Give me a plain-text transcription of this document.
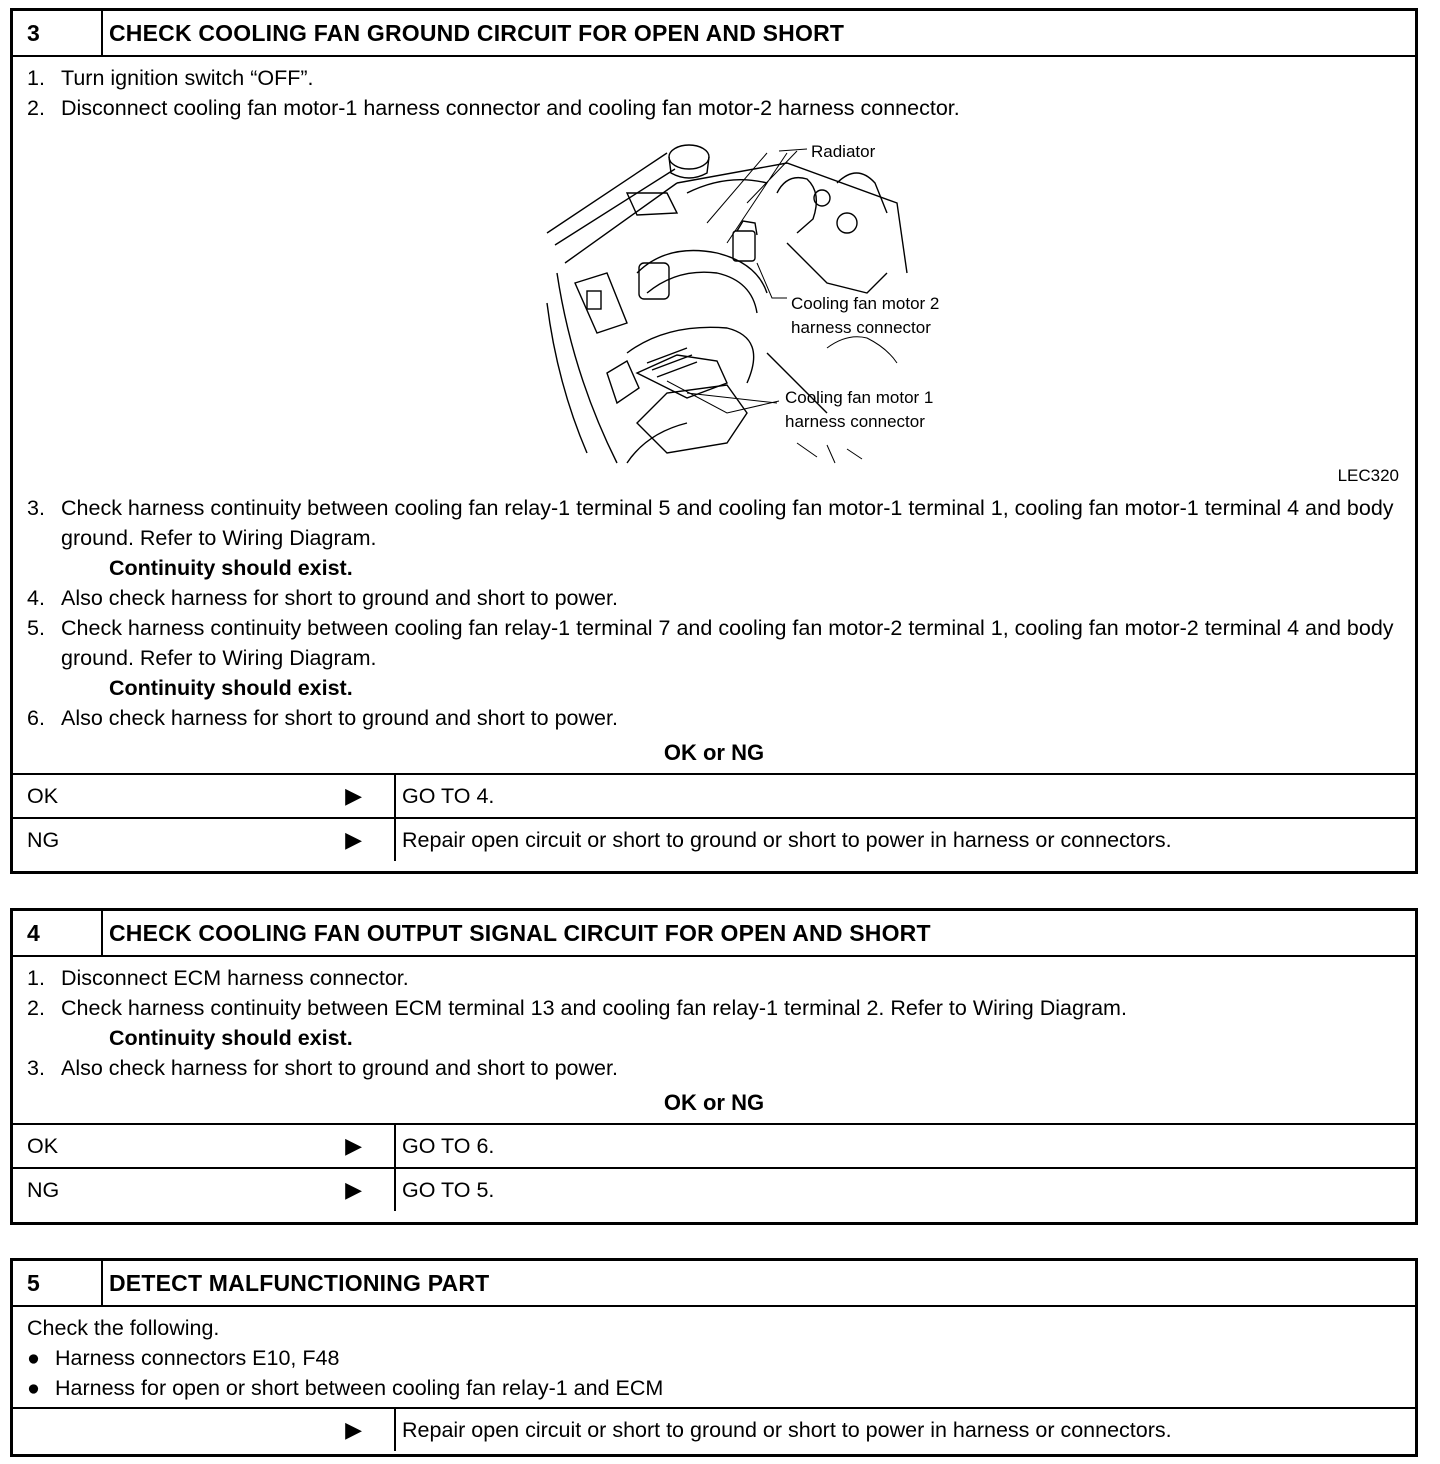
3	CHECK COOLING FAN GROUND CIRCUIT FOR OPEN AND SHORT
1. Turn ignition switch “OFF”.
2. Disconnect cooling fan motor-1 harness connector and cooling fan motor-2 harness connector.
Radiator
Cooling fan motor 2
harness connector
Cooling fan motor 1
harness connector
LEC320
3. Check harness continuity between cooling fan relay-1 terminal 5 and cooling fan motor-1 terminal 1, cooling fan motor-1 terminal 4 and body ground. Refer to Wiring Diagram.
Continuity should exist.
4. Also check harness for short to ground and short to power.
5. Check harness continuity between cooling fan relay-1 terminal 7 and cooling fan motor-2 terminal 1, cooling fan motor-2 terminal 4 and body ground. Refer to Wiring Diagram.
Continuity should exist.
6. Also check harness for short to ground and short to power.
OK or NG
OK	▶ GO TO 4.
NG	▶ Repair open circuit or short to ground or short to power in harness or connectors.
4	CHECK COOLING FAN OUTPUT SIGNAL CIRCUIT FOR OPEN AND SHORT
1. Disconnect ECM harness connector.
2. Check harness continuity between ECM terminal 13 and cooling fan relay-1 terminal 2. Refer to Wiring Diagram.
Continuity should exist.
3. Also check harness for short to ground and short to power.
OK or NG
OK	▶ GO TO 6.
NG	▶ GO TO 5.
5	DETECT MALFUNCTIONING PART
Check the following.
● Harness connectors E10, F48
● Harness for open or short between cooling fan relay-1 and ECM
▶ Repair open circuit or short to ground or short to power in harness or connectors.
